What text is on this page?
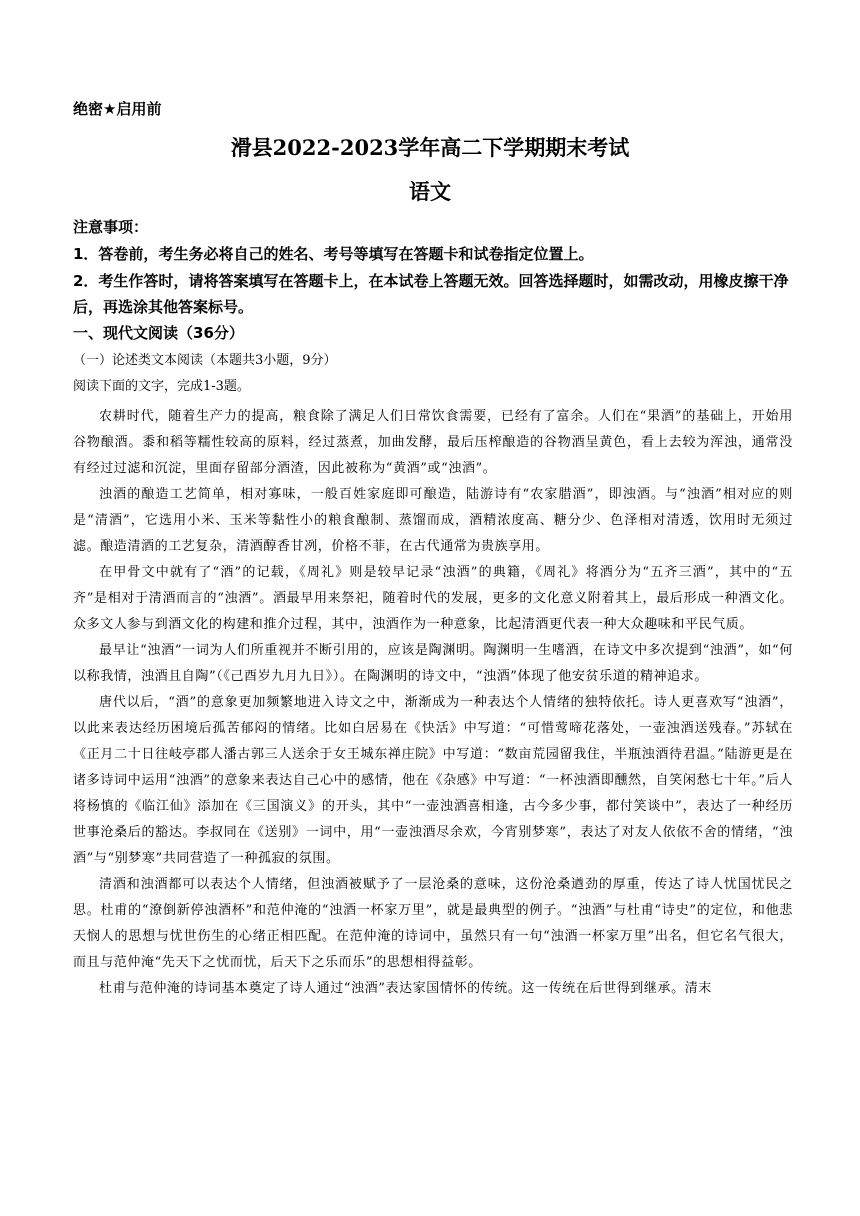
绝密★启用前
滑县2022-2023学年高二下学期期末考试
语文
注意事项：
1．答卷前，考生务必将自己的姓名、考号等填写在答题卡和试卷指定位置上。
2．考生作答时，请将答案填写在答题卡上，在本试卷上答题无效。回答选择题时，如需改动，用橡皮擦干净后，再选涂其他答案标号。
一、现代文阅读（36分）
（一）论述类文本阅读（本题共3小题，9分）
阅读下面的文字，完成1-3题。

农耕时代，随着生产力的提高，粮食除了满足人们日常饮食需要，已经有了富余。人们在“果酒”的基础上，开始用谷物酿酒。黍和稻等糯性较高的原料，经过蒸煮，加曲发酵，最后压榨酿造的谷物酒呈黄色，看上去较为浑浊，通常没有经过过滤和沉淀，里面存留部分酒渣，因此被称为“黄酒”或“浊酒”。

浊酒的酿造工艺简单，相对寡味，一般百姓家庭即可酿造，陆游诗有“农家腊酒”，即浊酒。与“浊酒”相对应的则是“清酒”，它选用小米、玉米等黏性小的粮食酿制、蒸馏而成，酒精浓度高、糖分少、色泽相对清透，饮用时无须过滤。酿造清酒的工艺复杂，清酒醇香甘冽，价格不菲，在古代通常为贵族享用。

在甲骨文中就有了“酒”的记载，《周礼》则是较早记录“浊酒”的典籍，《周礼》将酒分为“五齐三酒”，其中的“五齐”是相对于清酒而言的“浊酒”。酒最早用来祭祀，随着时代的发展，更多的文化意义附着其上，最后形成一种酒文化。众多文人参与到酒文化的构建和推介过程，其中，浊酒作为一种意象，比起清酒更代表一种大众趣味和平民气质。

最早让“浊酒”一词为人们所重视并不断引用的，应该是陶渊明。陶渊明一生嗜酒，在诗文中多次提到“浊酒”，如“何以称我情，浊酒且自陶”（《己酉岁九月九日》）。在陶渊明的诗文中，“浊酒”体现了他安贫乐道的精神追求。

唐代以后，“酒”的意象更加频繁地进入诗文之中，渐渐成为一种表达个人情绪的独特依托。诗人更喜欢写“浊酒”，以此来表达经历困境后孤苦郁闷的情绪。比如白居易在《快活》中写道：“可惜莺啼花落处，一壶浊酒送残春。”苏轼在《正月二十日往岐亭郡人潘古郭三人送余于女王城东禅庄院》中写道：“数亩荒园留我住，半瓶浊酒待君温。”陆游更是在诸多诗词中运用“浊酒”的意象来表达自己心中的感情，他在《杂感》中写道：“一杯浊酒即醺然，自笑闲愁七十年。”后人将杨慎的《临江仙》添加在《三国演义》的开头，其中“一壶浊酒喜相逢，古今多少事，都付笑谈中”，表达了一种经历世事沧桑后的豁达。李叔同在《送别》一词中，用“一壶浊酒尽余欢，今宵别梦寒”，表达了对友人依依不舍的情绪，“浊酒”与“别梦寒”共同营造了一种孤寂的氛围。

清酒和浊酒都可以表达个人情绪，但浊酒被赋予了一层沧桑的意味，这份沧桑遒劲的厚重，传达了诗人忧国忧民之思。杜甫的“潦倒新停浊酒杯”和范仲淹的“浊酒一杯家万里”，就是最典型的例子。“浊酒”与杜甫“诗史”的定位，和他悲天悯人的思想与忧世伤生的心绪正相匹配。在范仲淹的诗词中，虽然只有一句“浊酒一杯家万里”出名，但它名气很大，而且与范仲淹“先天下之忧而忧，后天下之乐而乐”的思想相得益彰。

杜甫与范仲淹的诗词基本奠定了诗人通过“浊酒”表达家国情怀的传统。这一传统在后世得到继承。清末
